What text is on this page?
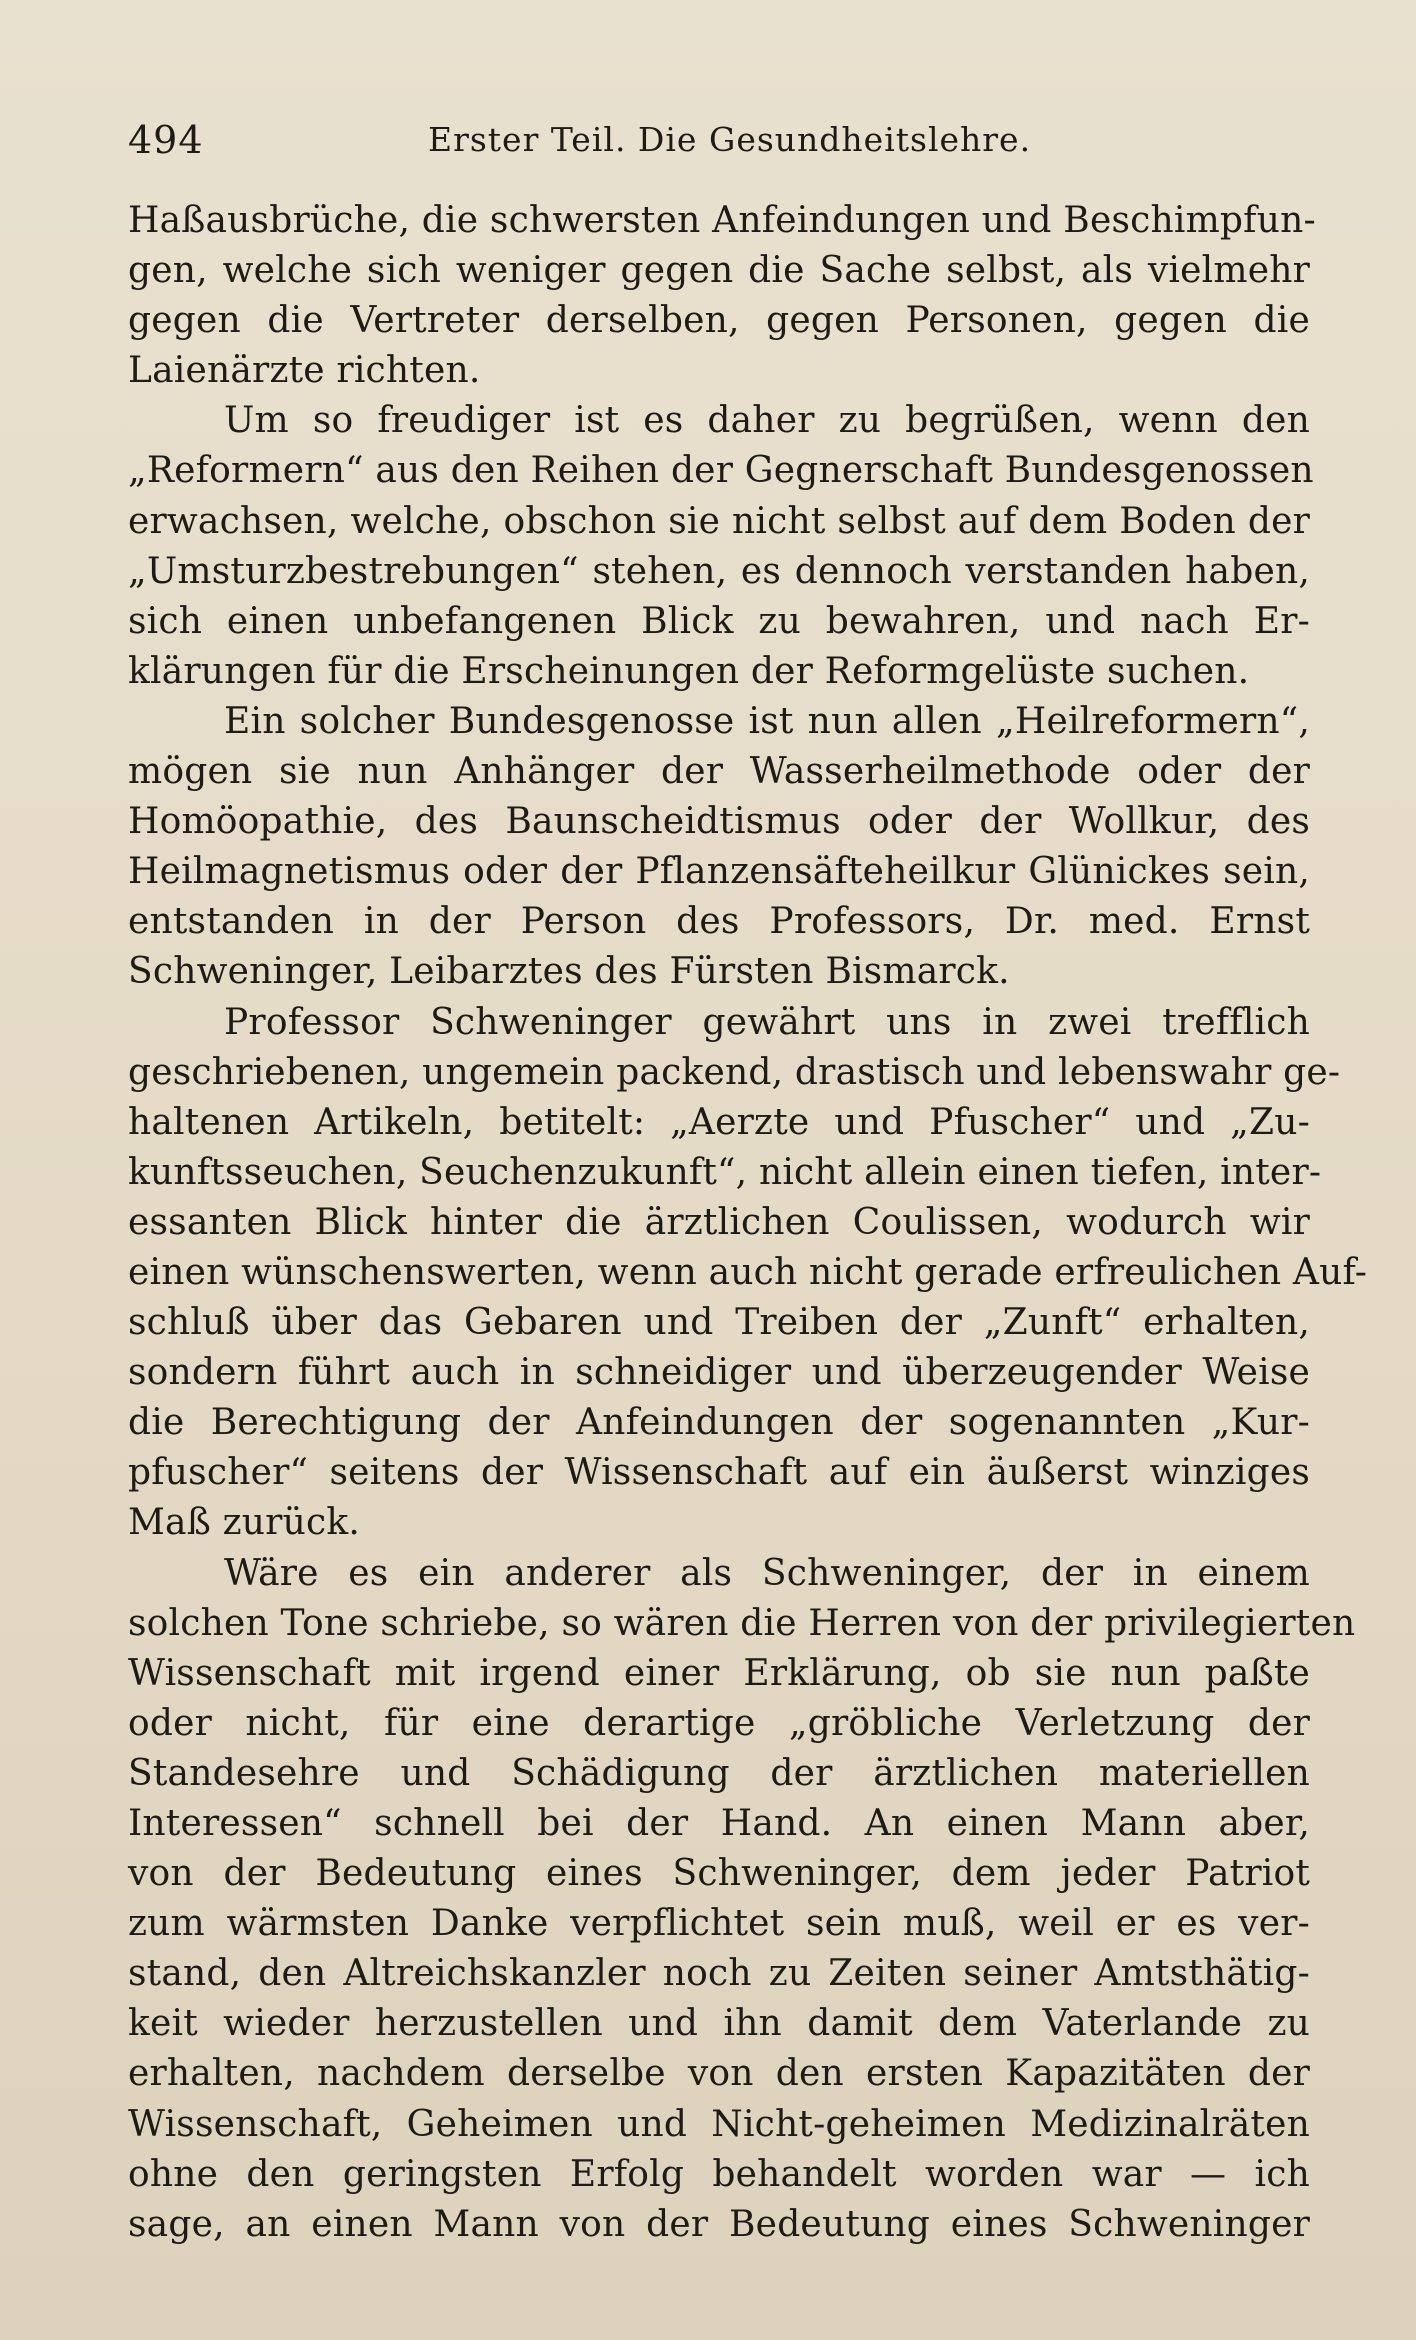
494	Erster Teil. Die Gesundheitslehre.
Haßausbrüche, die schwersten Anfeindungen und Beschimpfun-
gen, welche sich weniger gegen die Sache selbst, als vielmehr
gegen die Vertreter derselben, gegen Personen, gegen die
Laienärzte richten.
Um so freudiger ist es daher zu begrüßen, wenn den
„Reformern“ aus den Reihen der Gegnerschaft Bundesgenossen
erwachsen, welche, obschon sie nicht selbst auf dem Boden der
„Umsturzbestrebungen“ stehen, es dennoch verstanden haben,
sich einen unbefangenen Blick zu bewahren, und nach Er-
klärungen für die Erscheinungen der Reformgelüste suchen.
Ein solcher Bundesgenosse ist nun allen „Heilreformern“,
mögen sie nun Anhänger der Wasserheilmethode oder der
Homöopathie, des Baunscheidtismus oder der Wollkur, des
Heilmagnetismus oder der Pflanzensäfteheilkur Glünickes sein,
entstanden in der Person des Professors, Dr. med. Ernst
Schweninger, Leibarztes des Fürsten Bismarck.
Professor Schweninger gewährt uns in zwei trefflich
geschriebenen, ungemein packend, drastisch und lebenswahr ge-
haltenen Artikeln, betitelt: „Aerzte und Pfuscher“ und „Zu-
kunftsseuchen, Seuchenzukunft“, nicht allein einen tiefen, inter-
essanten Blick hinter die ärztlichen Coulissen, wodurch wir
einen wünschenswerten, wenn auch nicht gerade erfreulichen Auf-
schluß über das Gebaren und Treiben der „Zunft“ erhalten,
sondern führt auch in schneidiger und überzeugender Weise
die Berechtigung der Anfeindungen der sogenannten „Kur-
pfuscher“ seitens der Wissenschaft auf ein äußerst winziges
Maß zurück.
Wäre es ein anderer als Schweninger, der in einem
solchen Tone schriebe, so wären die Herren von der privilegierten
Wissenschaft mit irgend einer Erklärung, ob sie nun paßte
oder nicht, für eine derartige „gröbliche Verletzung der
Standesehre und Schädigung der ärztlichen materiellen
Interessen“ schnell bei der Hand. An einen Mann aber,
von der Bedeutung eines Schweninger, dem jeder Patriot
zum wärmsten Danke verpflichtet sein muß, weil er es ver-
stand, den Altreichskanzler noch zu Zeiten seiner Amtsthätig-
keit wieder herzustellen und ihn damit dem Vaterlande zu
erhalten, nachdem derselbe von den ersten Kapazitäten der
Wissenschaft, Geheimen und Nicht-geheimen Medizinalräten
ohne den geringsten Erfolg behandelt worden war — ich
sage, an einen Mann von der Bedeutung eines Schweninger
